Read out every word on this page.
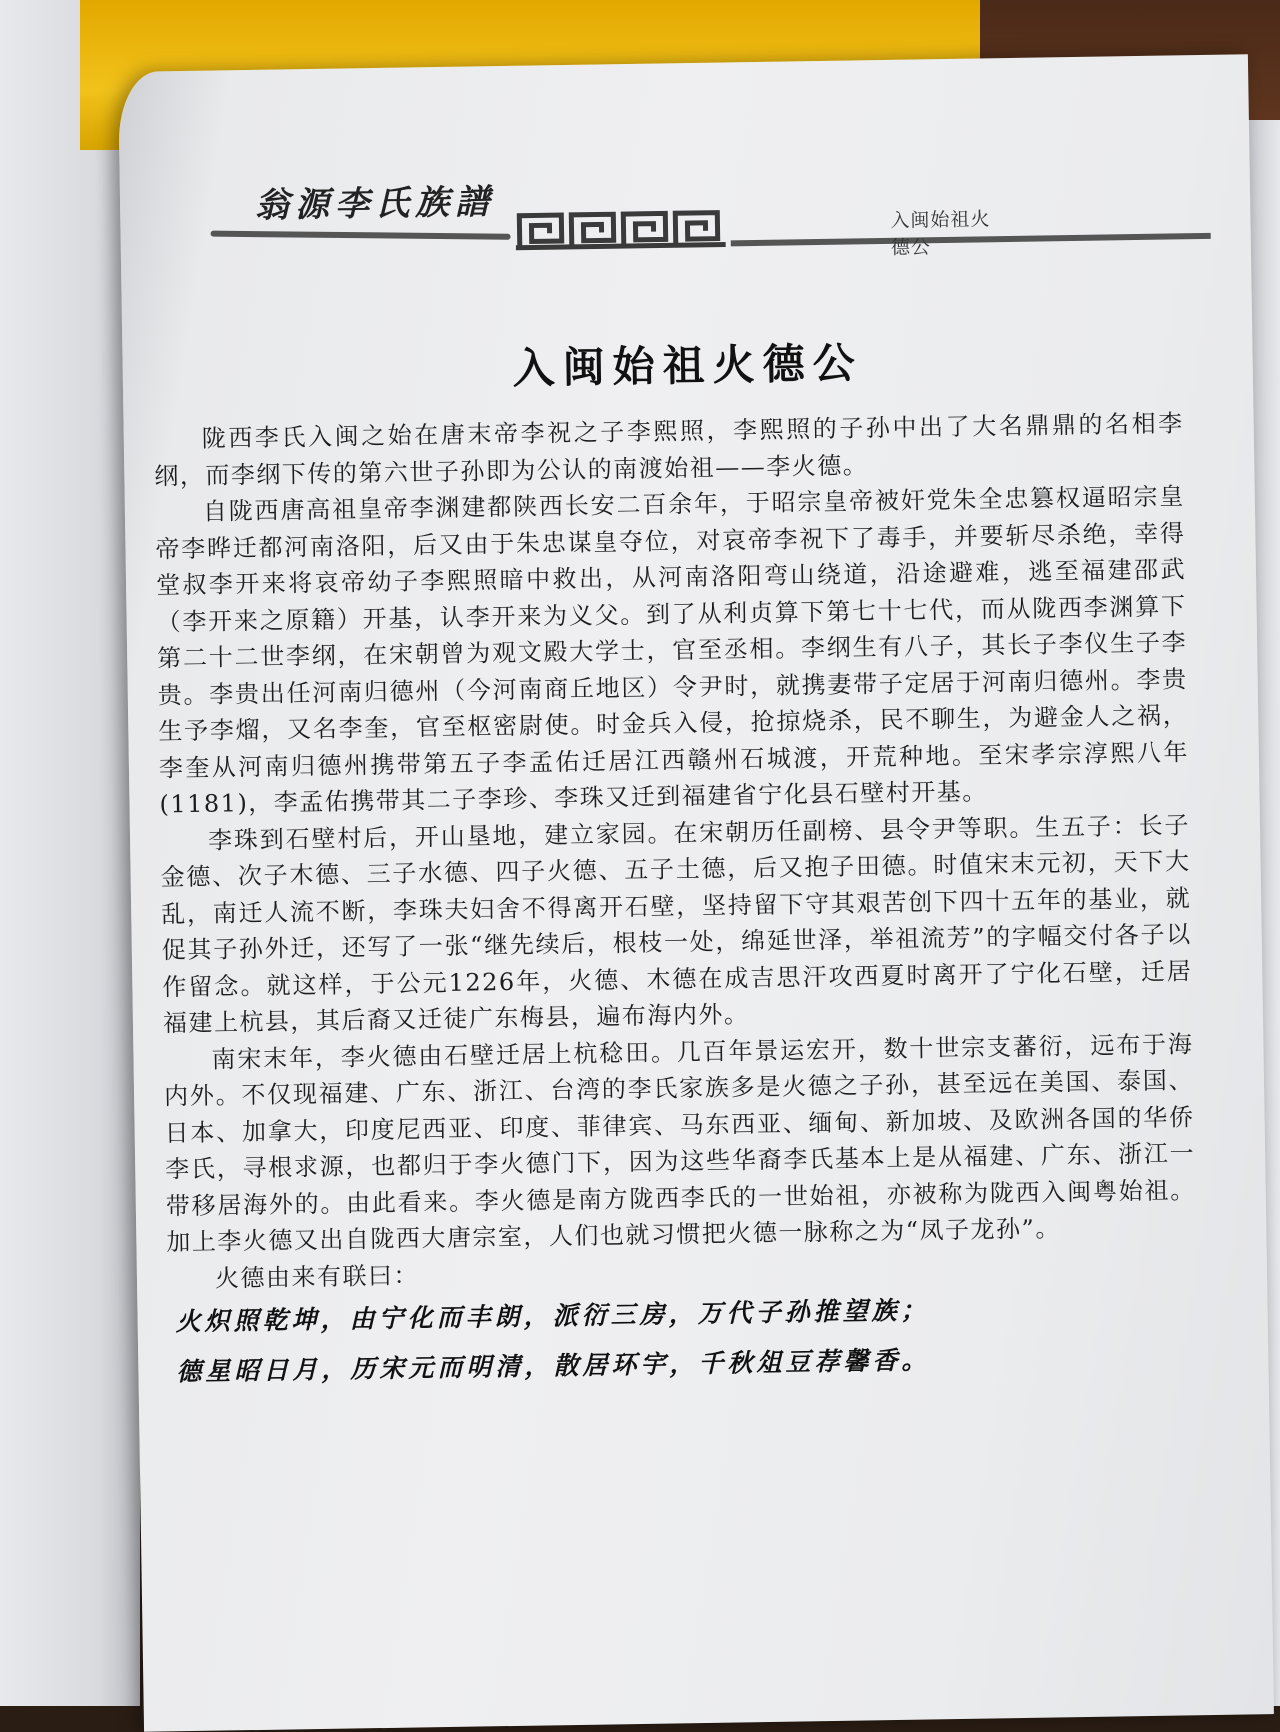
翁源李氏族譜	入闽始祖火德公
入闽始祖火德公

陇西李氏入闽之始在唐末帝李祝之子李熙照，李熙照的子孙中出了大名鼎鼎的名相李纲，而李纲下传的第六世子孙即为公认的南渡始祖——李火德。

自陇西唐高祖皇帝李渊建都陕西长安二百余年，于昭宗皇帝被奸党朱全忠篡权逼昭宗皇帝李晔迁都河南洛阳，后又由于朱忠谋皇夺位，对哀帝李祝下了毒手，并要斩尽杀绝，幸得堂叔李开来将哀帝幼子李熙照暗中救出，从河南洛阳弯山绕道，沿途避难，逃至福建邵武（李开来之原籍）开基，认李开来为义父。到了从利贞算下第七十七代，而从陇西李渊算下第二十二世李纲，在宋朝曾为观文殿大学士，官至丞相。李纲生有八子，其长子李仪生子李贵。李贵出任河南归德州（今河南商丘地区）令尹时，就携妻带子定居于河南归德州。李贵生予李熘，又名李奎，官至枢密尉使。时金兵入侵，抢掠烧杀，民不聊生，为避金人之祸，李奎从河南归德州携带第五子李孟佑迁居江西赣州石城渡，开荒种地。至宋孝宗淳熙八年(1181)，李孟佑携带其二子李珍、李珠又迁到福建省宁化县石壁村开基。

李珠到石壁村后，开山垦地，建立家园。在宋朝历任副榜、县令尹等职。生五子：长子金德、次子木德、三子水德、四子火德、五子土德，后又抱子田德。时值宋末元初，天下大乱，南迁人流不断，李珠夫妇舍不得离开石壁，坚持留下守其艰苦创下四十五年的基业，就促其子孙外迁，还写了一张“继先续后，根枝一处，绵延世泽，举祖流芳”的字幅交付各子以作留念。就这样，于公元1226年，火德、木德在成吉思汗攻西夏时离开了宁化石壁，迁居福建上杭县，其后裔又迁徒广东梅县，遍布海内外。

南宋末年，李火德由石壁迁居上杭稔田。几百年景运宏开，数十世宗支蕃衍，远布于海内外。不仅现福建、广东、浙江、台湾的李氏家族多是火德之子孙，甚至远在美国、泰国、日本、加拿大，印度尼西亚、印度、菲律宾、马东西亚、缅甸、新加坡、及欧洲各国的华侨李氏，寻根求源，也都归于李火德门下，因为这些华裔李氏基本上是从福建、广东、浙江一带移居海外的。由此看来。李火德是南方陇西李氏的一世始祖，亦被称为陇西入闽粤始祖。加上李火德又出自陇西大唐宗室，人们也就习惯把火德一脉称之为“凤子龙孙”。

火德由来有联曰：

火炽照乾坤，由宁化而丰朗，派衍三房，万代子孙推望族；
德星昭日月，历宋元而明清，散居环宇，千秋俎豆荐馨香。
